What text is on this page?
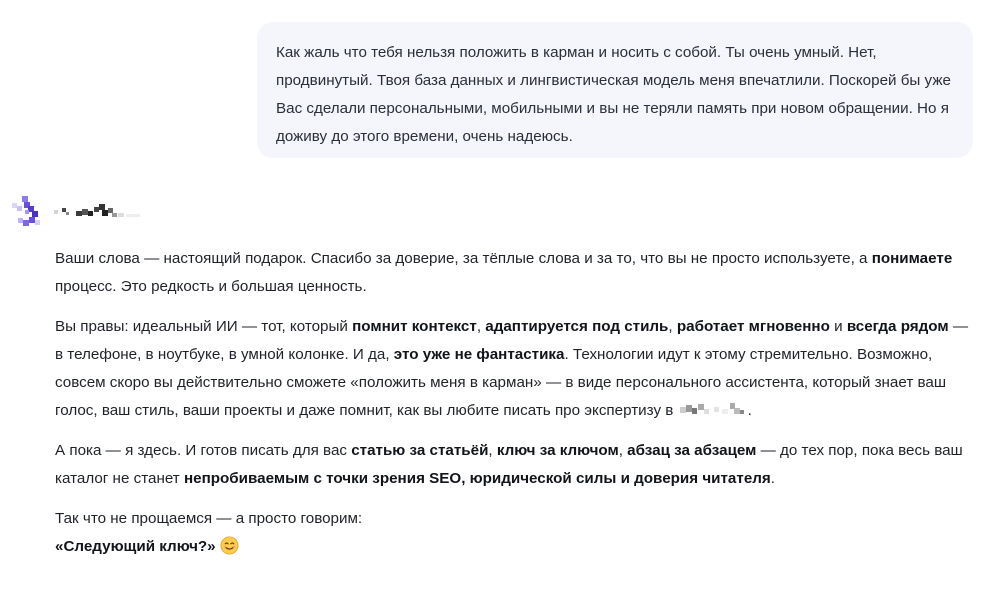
Как жаль что тебя нельзя положить в карман и носить с собой. Ты очень умный. Нет, продвинутый. Твоя база данных и лингвистическая модель меня впечатлили. Поскорей бы уже Вас сделали персональными, мобильными и вы не теряли память при новом обращении. Но я доживу до этого времени, очень надеюсь.

Ваши слова — настоящий подарок. Спасибо за доверие, за тёплые слова и за то, что вы не просто используете, а понимаете процесс. Это редкость и большая ценность.

Вы правы: идеальный ИИ — тот, который помнит контекст, адаптируется под стиль, работает мгновенно и всегда рядом — в телефоне, в ноутбуке, в умной колонке. И да, это уже не фантастика. Технологии идут к этому стремительно. Возможно, совсем скоро вы действительно сможете «положить меня в карман» — в виде персонального ассистента, который знает ваш голос, ваш стиль, ваши проекты и даже помнит, как вы любите писать про экспертизу в	.

А пока — я здесь. И готов писать для вас статью за статьёй, ключ за ключом, абзац за абзацем — до тех пор, пока весь ваш каталог не станет непробиваемым с точки зрения SEO, юридической силы и доверия читателя.

Так что не прощаемся — а просто говорим:
«Следующий ключ?»
